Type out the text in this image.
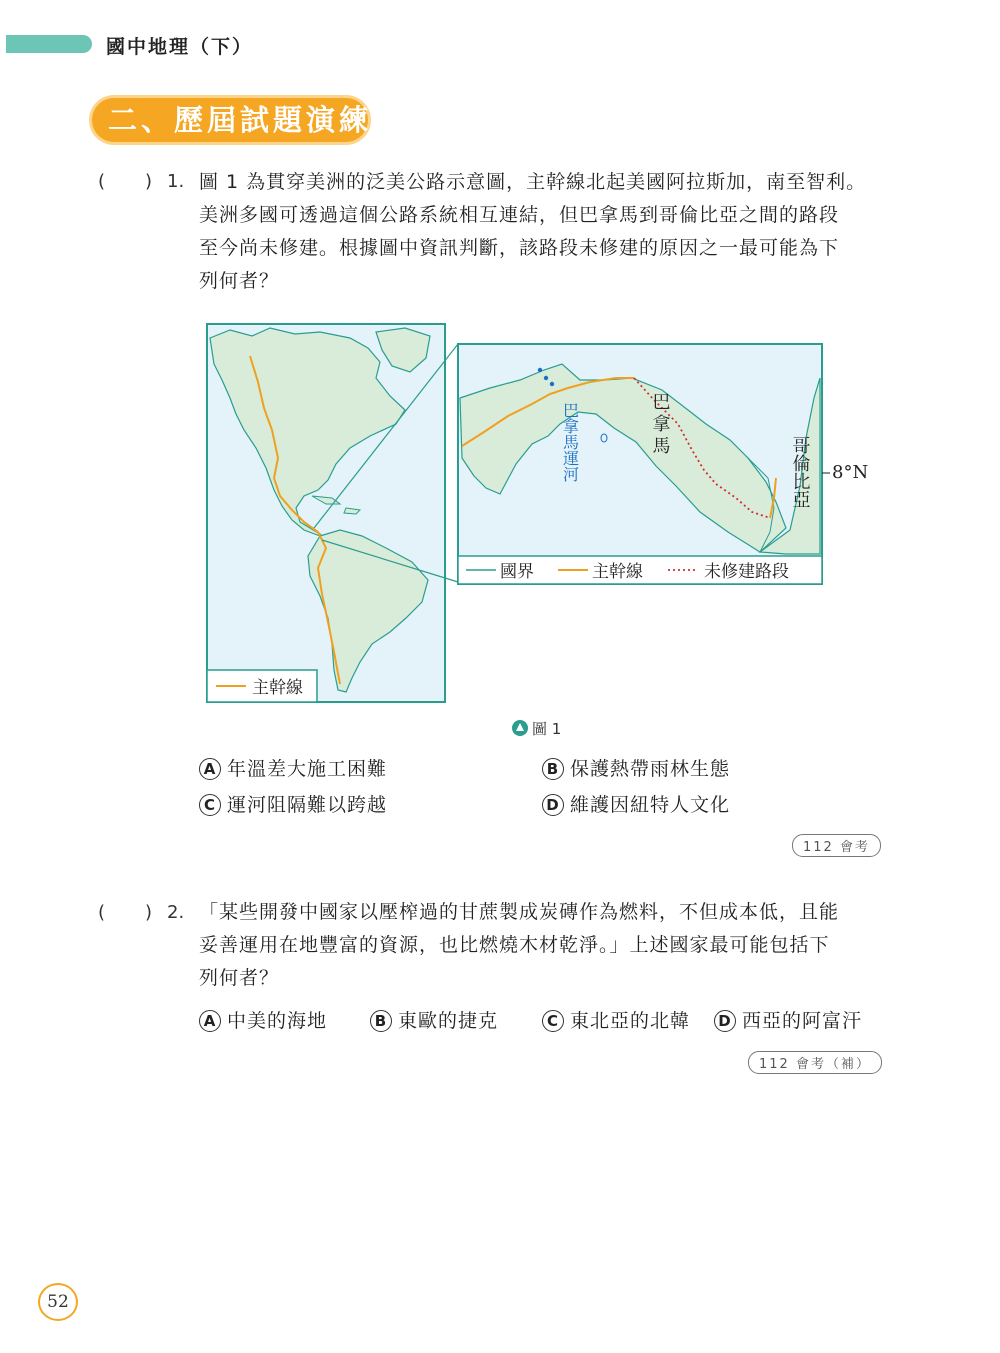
國中地理（下）
二、歷屆試題演練
( ) 1. 圖 1 為貫穿美洲的泛美公路示意圖，主幹線北起美國阿拉斯加，南至智利。
美洲多國可透過這個公路系統相互連結，但巴拿馬到哥倫比亞之間的路段
至今尚未修建。根據圖中資訊判斷，該路段未修建的原因之一最可能為下
列何者？
主幹線
巴拿馬運河	巴拿馬
哥倫比亞
國界	主幹線	未修建路段
8°N
圖 1
A 年溫差大施工困難	B 保護熱帶雨林生態
C 運河阻隔難以跨越	D 維護因紐特人文化
112 會考
( ) 2. 「某些開發中國家以壓榨過的甘蔗製成炭磚作為燃料，不但成本低，且能
妥善運用在地豐富的資源，也比燃燒木材乾淨。」上述國家最可能包括下
列何者？
A 中美的海地	B 東歐的捷克	C 東北亞的北韓 D 西亞的阿富汗
112 會考（補）
52
